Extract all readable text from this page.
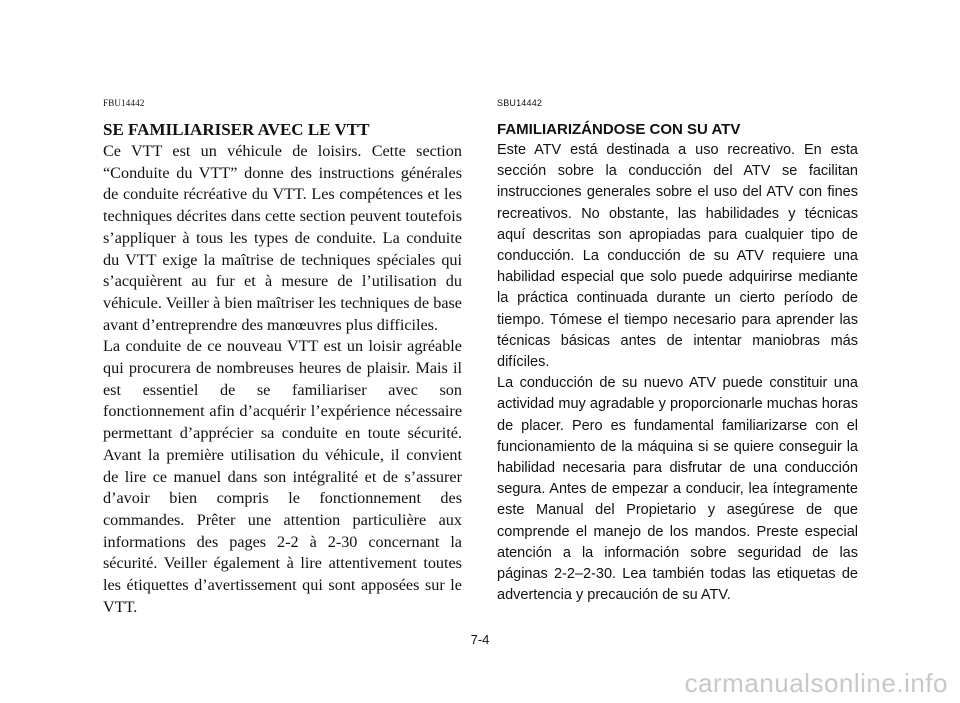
FBU14442

SE FAMILIARISER AVEC LE VTT

Ce VTT est un véhicule de loisirs. Cette section “Conduite du VTT” donne des instructions générales de conduite récréative du VTT. Les compétences et les techniques décrites dans cette section peuvent toutefois s’appliquer à tous les types de conduite. La conduite du VTT exige la maîtrise de techniques spéciales qui s’acquièrent au fur et à mesure de l’utilisation du véhicule. Veiller à bien maîtriser les techniques de base avant d’entreprendre des manœuvres plus difficiles.

La conduite de ce nouveau VTT est un loisir agréable qui procurera de nombreuses heures de plaisir. Mais il est essentiel de se familiariser avec son fonctionnement afin d’acquérir l’expérience nécessaire permettant d’apprécier sa conduite en toute sécurité. Avant la première utilisation du véhicule, il convient de lire ce manuel dans son intégralité et de s’assurer d’avoir bien compris le fonctionnement des commandes. Prêter une attention particulière aux informations des pages 2-2 à 2-30 concernant la sécurité. Veiller également à lire attentivement toutes les étiquettes d’avertissement qui sont apposées sur le VTT.

SBU14442

FAMILIARIZÁNDOSE CON SU ATV

Este ATV está destinada a uso recreativo. En esta sección sobre la conducción del ATV se facilitan instrucciones generales sobre el uso del ATV con fines recreativos. No obstante, las habilidades y técnicas aquí descritas son apropiadas para cualquier tipo de conducción. La conducción de su ATV requiere una habilidad especial que solo puede adquirirse mediante la práctica continuada durante un cierto período de tiempo. Tómese el tiempo necesario para aprender las técnicas básicas antes de intentar maniobras más difíciles.

La conducción de su nuevo ATV puede constituir una actividad muy agradable y proporcionarle muchas horas de placer. Pero es fundamental familiarizarse con el funcionamiento de la máquina si se quiere conseguir la habilidad necesaria para disfrutar de una conducción segura. Antes de empezar a conducir, lea íntegramente este Manual del Propietario y asegúrese de que comprende el manejo de los mandos. Preste especial atención a la información sobre seguridad de las páginas 2-2–2-30. Lea también todas las etiquetas de advertencia y precaución de su ATV.

7-4
carmanualsonline.info
